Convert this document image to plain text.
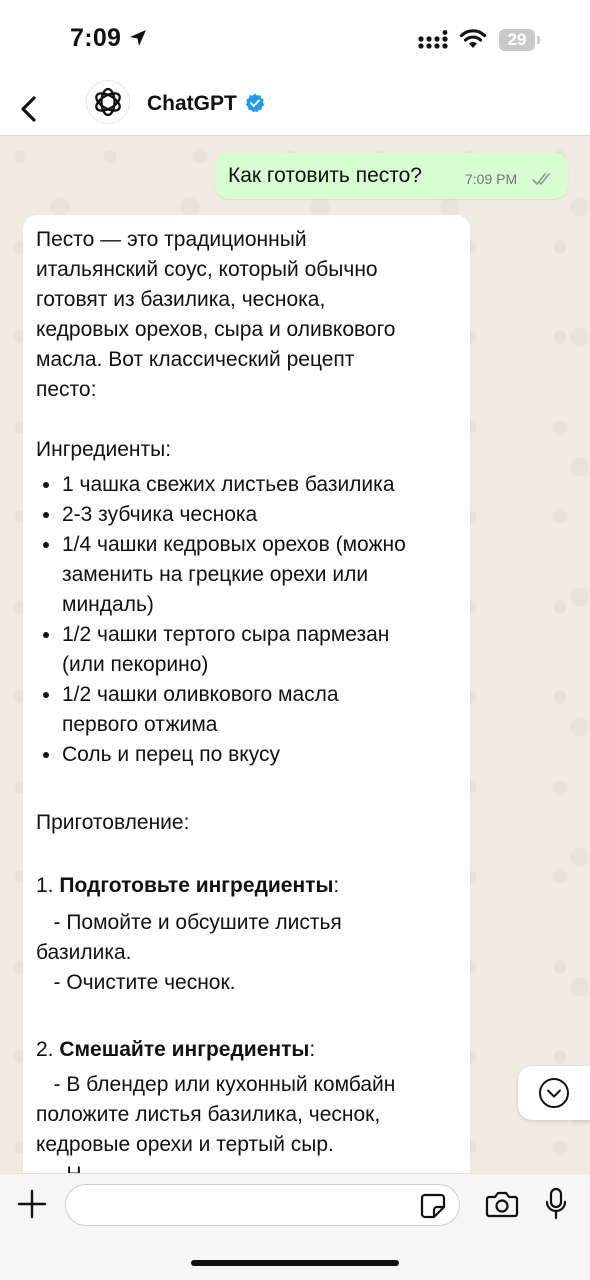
7:09	29
ChatGPT
Как готовить песто?	7:09 PM
Песто — это традиционный
итальянский соус, который обычно
готовят из базилика, чеснока,
кедровых орехов, сыра и оливкового
масла. Вот классический рецепт
песто:
Ингредиенты:
1 чашка свежих листьев базилика
2-3 зубчика чеснока
1/4 чашки кедровых орехов (можно
заменить на грецкие орехи или
миндаль)
1/2 чашки тертого сыра пармезан
(или пекорино)
1/2 чашки оливкового масла
первого отжима
Соль и перец по вкусу
Приготовление:
1. Подготовьте ингредиенты:
- Помойте и обсушите листья
базилика.
- Очистите чеснок.
2. Смешайте ингредиенты:
- В блендер или кухонный комбайн
положите листья базилика, чеснок,
кедровые орехи и тертый сыр.
